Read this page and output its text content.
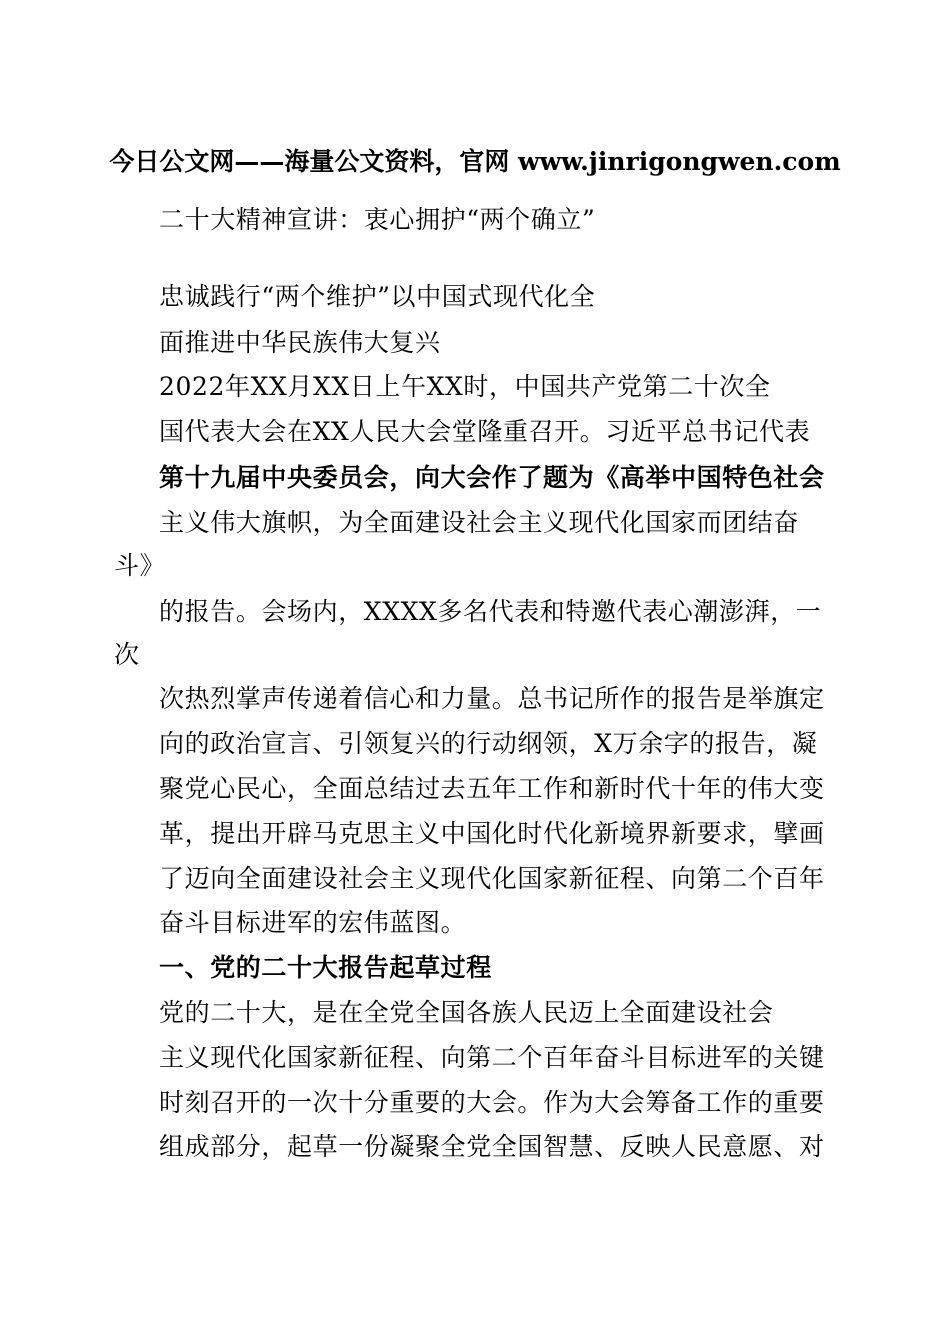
今日公文网——海量公文资料，官网 www.jinrigongwen.com
二十大精神宣讲：衷心拥护“两个确立”
忠诚践行“两个维护”以中国式现代化全
面推进中华民族伟大复兴
2022年XX月XX日上午XX时，中国共产党第二十次全
国代表大会在XX人民大会堂隆重召开。习近平总书记代表
第十九届中央委员会，向大会作了题为《高举中国特色社会
主义伟大旗帜，为全面建设社会主义现代化国家而团结奋
斗》
的报告。会场内，XXXX多名代表和特邀代表心潮澎湃，一
次
次热烈掌声传递着信心和力量。总书记所作的报告是举旗定
向的政治宣言、引领复兴的行动纲领，X万余字的报告，凝
聚党心民心，全面总结过去五年工作和新时代十年的伟大变
革，提出开辟马克思主义中国化时代化新境界新要求，擘画
了迈向全面建设社会主义现代化国家新征程、向第二个百年
奋斗目标进军的宏伟蓝图。
一、党的二十大报告起草过程
党的二十大，是在全党全国各族人民迈上全面建设社会
主义现代化国家新征程、向第二个百年奋斗目标进军的关键
时刻召开的一次十分重要的大会。作为大会筹备工作的重要
组成部分，起草一份凝聚全党全国智慧、反映人民意愿、对
